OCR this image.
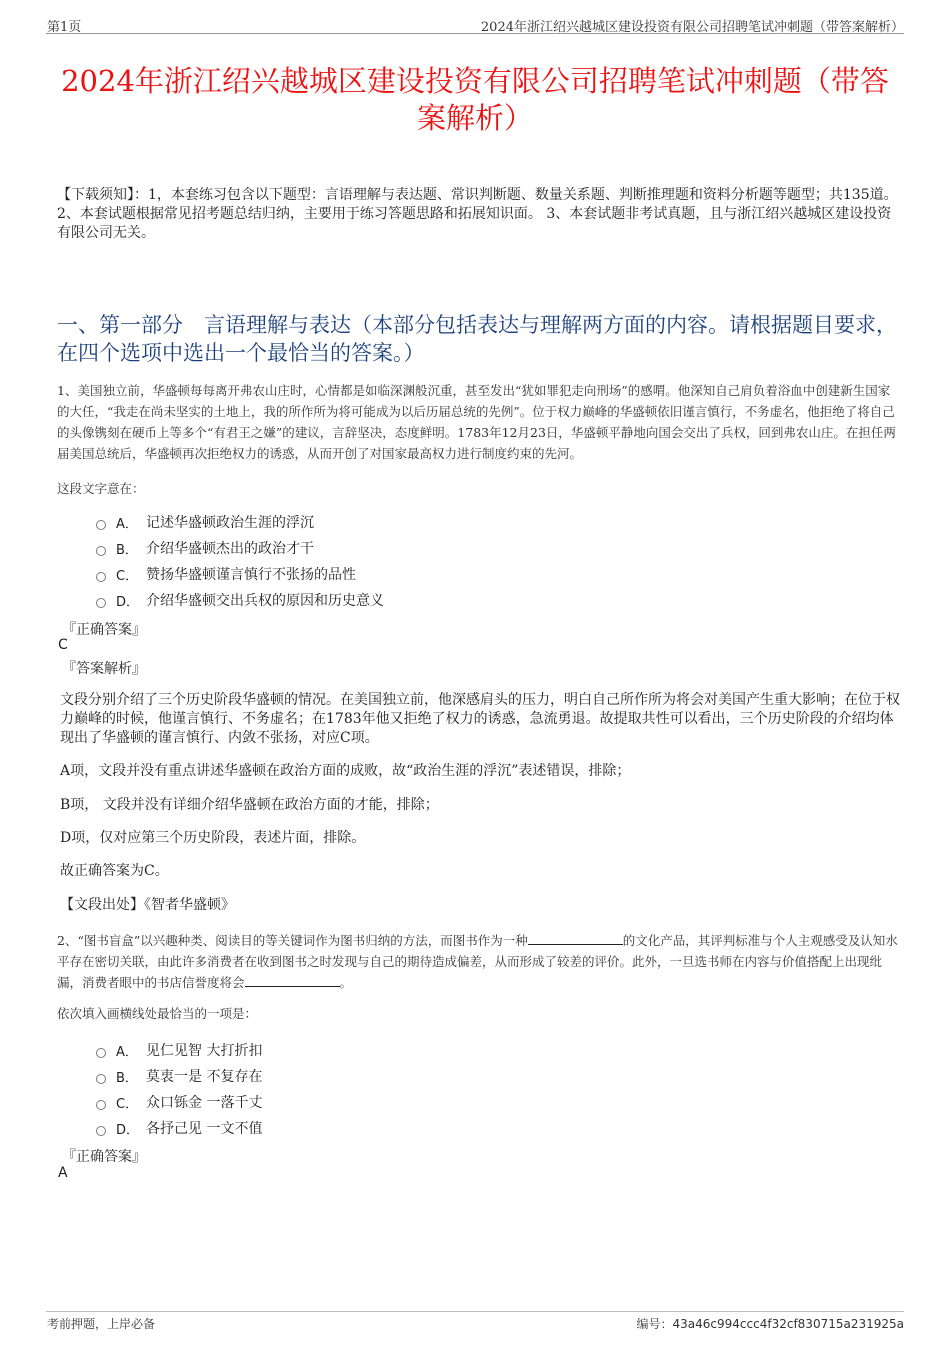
第1页	2024年浙江绍兴越城区建设投资有限公司招聘笔试冲刺题（带答案解析）
2024年浙江绍兴越城区建设投资有限公司招聘笔试冲刺题（带答案解析）
【下载须知】：1，本套练习包含以下题型：言语理解与表达题、常识判断题、数量关系题、判断推理题和资料分析题等题型；共135道。 2、本套试题根据常见招考题总结归纳，主要用于练习答题思路和拓展知识面。 3、本套试题非考试真题，且与浙江绍兴越城区建设投资有限公司无关。
一、第一部分　言语理解与表达（本部分包括表达与理解两方面的内容。请根据题目要求，在四个选项中选出一个最恰当的答案。）
1、美国独立前，华盛顿每每离开弗农山庄时，心情都是如临深渊般沉重，甚至发出“犹如罪犯走向刑场”的感喟。他深知自己肩负着浴血中创建新生国家的大任，“我走在尚未坚实的土地上，我的所作所为将可能成为以后历届总统的先例”。位于权力巅峰的华盛顿依旧谨言慎行，不务虚名，他拒绝了将自己的头像镌刻在硬币上等多个“有君王之嫌”的建议，言辞坚决，态度鲜明。1783年12月23日，华盛顿平静地向国会交出了兵权，回到弗农山庄。在担任两届美国总统后，华盛顿再次拒绝权力的诱惑，从而开创了对国家最高权力进行制度约束的先河。
这段文字意在：
A． 记述华盛顿政治生涯的浮沉
B． 介绍华盛顿杰出的政治才干
C． 赞扬华盛顿谨言慎行不张扬的品性
D． 介绍华盛顿交出兵权的原因和历史意义
『正确答案』
C
『答案解析』
文段分别介绍了三个历史阶段华盛顿的情况。在美国独立前，他深感肩头的压力，明白自己所作所为将会对美国产生重大影响；在位于权力巅峰的时候，他谨言慎行、不务虚名；在1783年他又拒绝了权力的诱惑，急流勇退。故提取共性可以看出，三个历史阶段的介绍均体现出了华盛顿的谨言慎行、内敛不张扬，对应C项。
A项，文段并没有重点讲述华盛顿在政治方面的成败，故“政治生涯的浮沉”表述错误，排除；
B项， 文段并没有详细介绍华盛顿在政治方面的才能，排除；
D项，仅对应第三个历史阶段，表述片面，排除。
故正确答案为C。
【文段出处】《智者华盛顿》
2、“图书盲盒”以兴趣种类、阅读目的等关键词作为图书归纳的方法，而图书作为一种	的文化产品，其评判标准与个人主观感受及认知水平存在密切关联，由此许多消费者在收到图书之时发现与自己的期待造成偏差，从而形成了较差的评价。此外，一旦选书师在内容与价值搭配上出现纰漏，消费者眼中的书店信誉度将会	。
依次填入画横线处最恰当的一项是：
A． 见仁见智 大打折扣
B． 莫衷一是 不复存在
C． 众口铄金 一落千丈
D． 各抒己见 一文不值
『正确答案』
A
考前押题，上岸必备	编号：43a46c994ccc4f32cf830715a231925a
